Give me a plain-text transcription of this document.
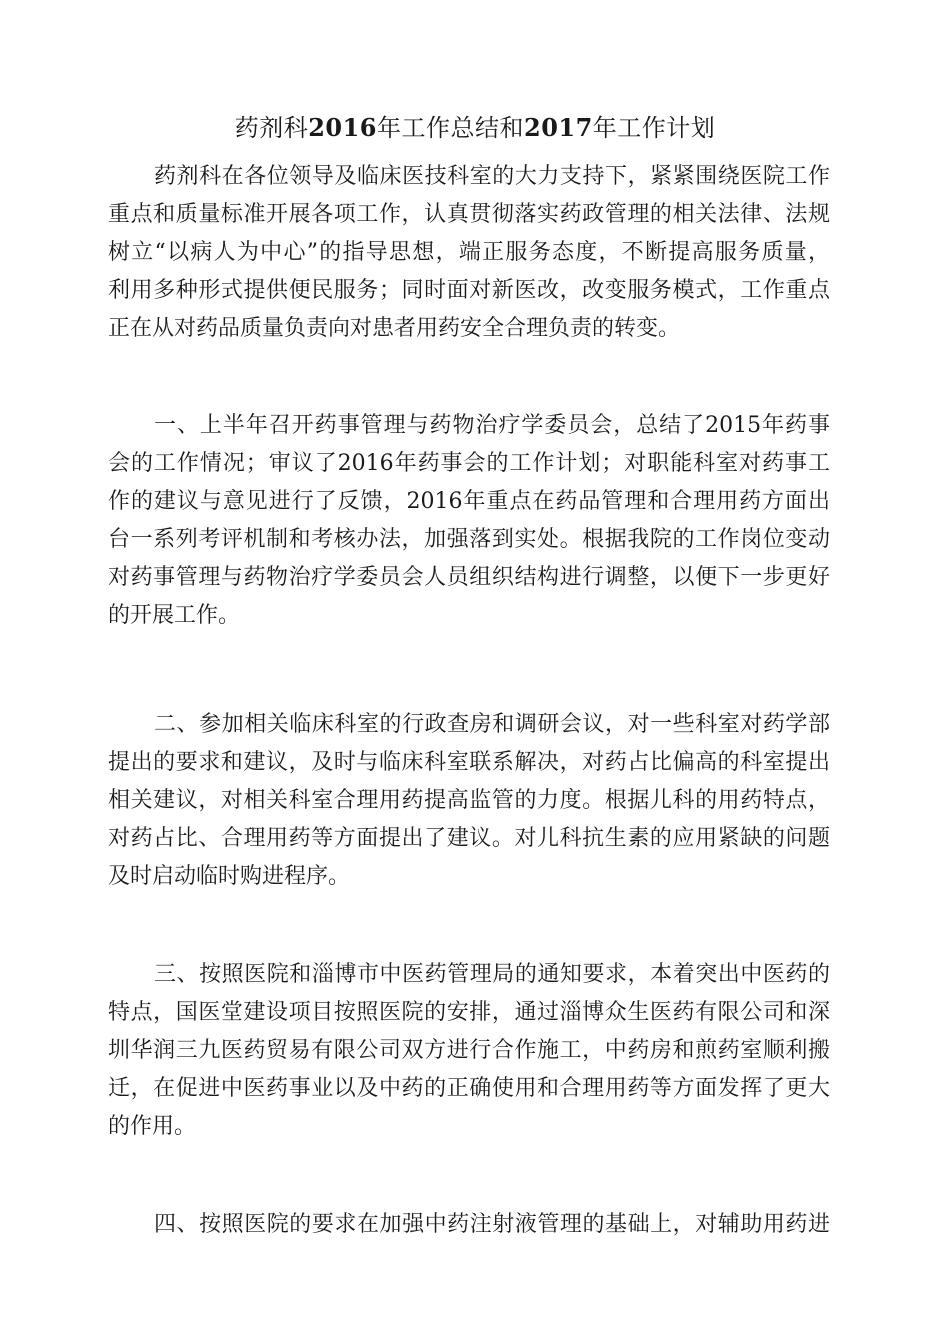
药剂科2016年工作总结和2017年工作计划
药剂科在各位领导及临床医技科室的大力支持下，紧紧围绕医院工作
重点和质量标准开展各项工作，认真贯彻落实药政管理的相关法律、法规
树立“以病人为中心”的指导思想，端正服务态度，不断提高服务质量，
利用多种形式提供便民服务；同时面对新医改，改变服务模式，工作重点
正在从对药品质量负责向对患者用药安全合理负责的转变。
一、上半年召开药事管理与药物治疗学委员会，总结了2015年药事
会的工作情况；审议了2016年药事会的工作计划；对职能科室对药事工
作的建议与意见进行了反馈，2016年重点在药品管理和合理用药方面出
台一系列考评机制和考核办法，加强落到实处。根据我院的工作岗位变动
对药事管理与药物治疗学委员会人员组织结构进行调整，以便下一步更好
的开展工作。
二、参加相关临床科室的行政查房和调研会议，对一些科室对药学部
提出的要求和建议，及时与临床科室联系解决，对药占比偏高的科室提出
相关建议，对相关科室合理用药提高监管的力度。根据儿科的用药特点，
对药占比、合理用药等方面提出了建议。对儿科抗生素的应用紧缺的问题
及时启动临时购进程序。
三、按照医院和淄博市中医药管理局的通知要求，本着突出中医药的
特点，国医堂建设项目按照医院的安排，通过淄博众生医药有限公司和深
圳华润三九医药贸易有限公司双方进行合作施工，中药房和煎药室顺利搬
迁，在促进中医药事业以及中药的正确使用和合理用药等方面发挥了更大
的作用。
四、按照医院的要求在加强中药注射液管理的基础上，对辅助用药进
